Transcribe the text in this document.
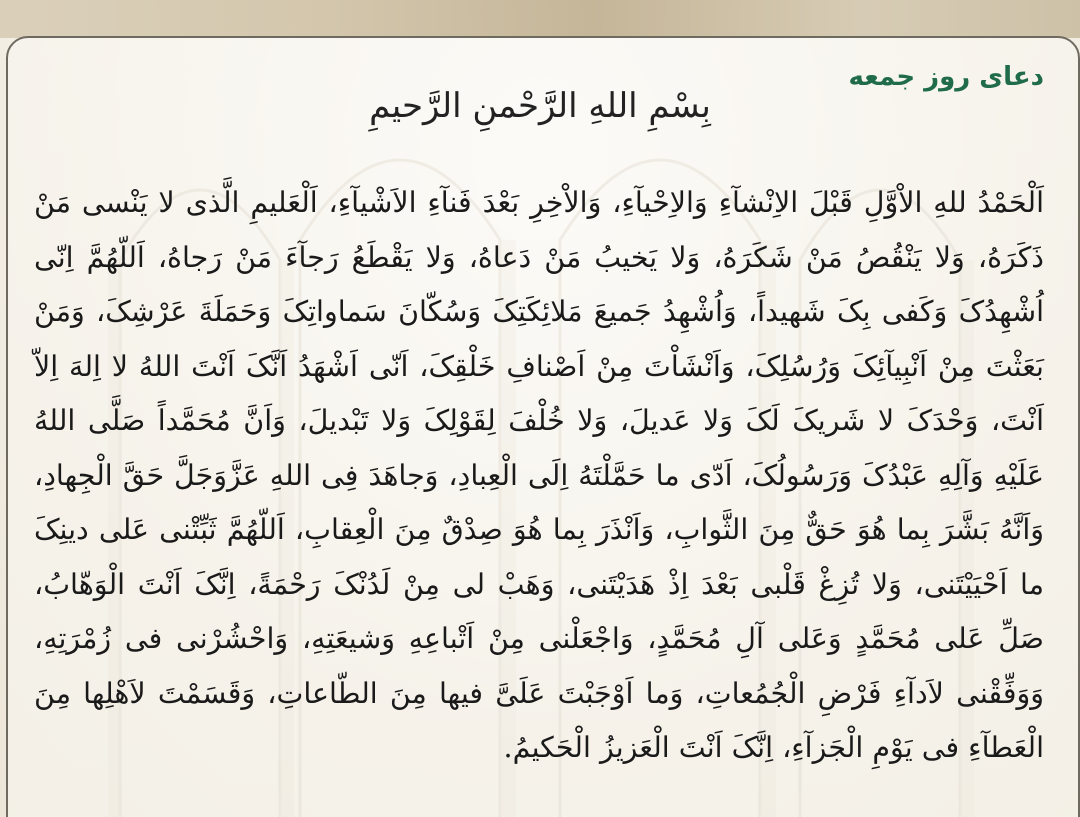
دعای روز جمعه
بِسْمِ اللهِ الرَّحْمنِ الرَّحیمِ
اَلْحَمْدُ للهِ الاْوَّلِ قَبْلَ الاِنْشآءِ وَالاِحْیآءِ، وَالاْخِرِ بَعْدَ فَنآءِ الاَشْیآءِ، اَلْعَلیمِ الَّذی لا یَنْسی مَنْ ذَکَرَهُ، وَلا یَنْقُصُ مَنْ شَکَرَهُ، وَلا یَخیبُ مَنْ دَعاهُ، وَلا یَقْطَعُ رَجآءَ مَنْ رَجاهُ، اَللّهُمَّ اِنّی اُشْهِدُکَ وَکَفی بِکَ شَهیداً، وَاُشْهِدُ جَمیعَ مَلائِکَتِکَ وَسُکّانَ سَماواتِکَ وَحَمَلَةَ عَرْشِکَ، وَمَنْ بَعَثْتَ مِنْ اَنْبِیآئِکَ وَرُسُلِکَ، وَاَنْشَاْتَ مِنْ اَصْنافِ خَلْقِکَ، اَنّی اَشْهَدُ اَنَّکَ اَنْتَ اللهُ لا اِلهَ اِلاّ اَنْتَ، وَحْدَکَ لا شَریکَ لَکَ وَلا عَدیلَ، وَلا خُلْفَ لِقَوْلِکَ وَلا تَبْدیلَ، وَاَنَّ مُحَمَّداً صَلَّی اللهُ عَلَیْهِ وَآلِهِ عَبْدُکَ وَرَسُولُکَ، اَدّی ما حَمَّلْتَهُ اِلَی الْعِبادِ، وَجاهَدَ فِی اللهِ عَزَّوَجَلَّ حَقَّ الْجِهادِ، وَاَنَّهُ بَشَّرَ بِما هُوَ حَقٌّ مِنَ الثَّوابِ، وَاَنْذَرَ بِما هُوَ صِدْقٌ مِنَ الْعِقابِ، اَللّهُمَّ ثَبِّتْنی عَلی دینِکَ ما اَحْیَیْتَنی، وَلا تُزِغْ قَلْبی بَعْدَ اِذْ هَدَیْتَنی، وَهَبْ لی مِنْ لَدُنْکَ رَحْمَةً، اِنَّکَ اَنْتَ الْوَهّابُ، صَلِّ عَلی مُحَمَّدٍ وَعَلی آلِ مُحَمَّدٍ، وَاجْعَلْنی مِنْ اَتْباعِهِ وَشیعَتِهِ، وَاحْشُرْنی فی زُمْرَتِهِ، وَوَفِّقْنی لاَدآءِ فَرْضِ الْجُمُعاتِ، وَما اَوْجَبْتَ عَلَیَّ فیها مِنَ الطّاعاتِ، وَقَسَمْتَ لاَهْلِها مِنَ الْعَطآءِ فی یَوْمِ الْجَزآءِ، اِنَّکَ اَنْتَ الْعَزیزُ الْحَکیمُ.
